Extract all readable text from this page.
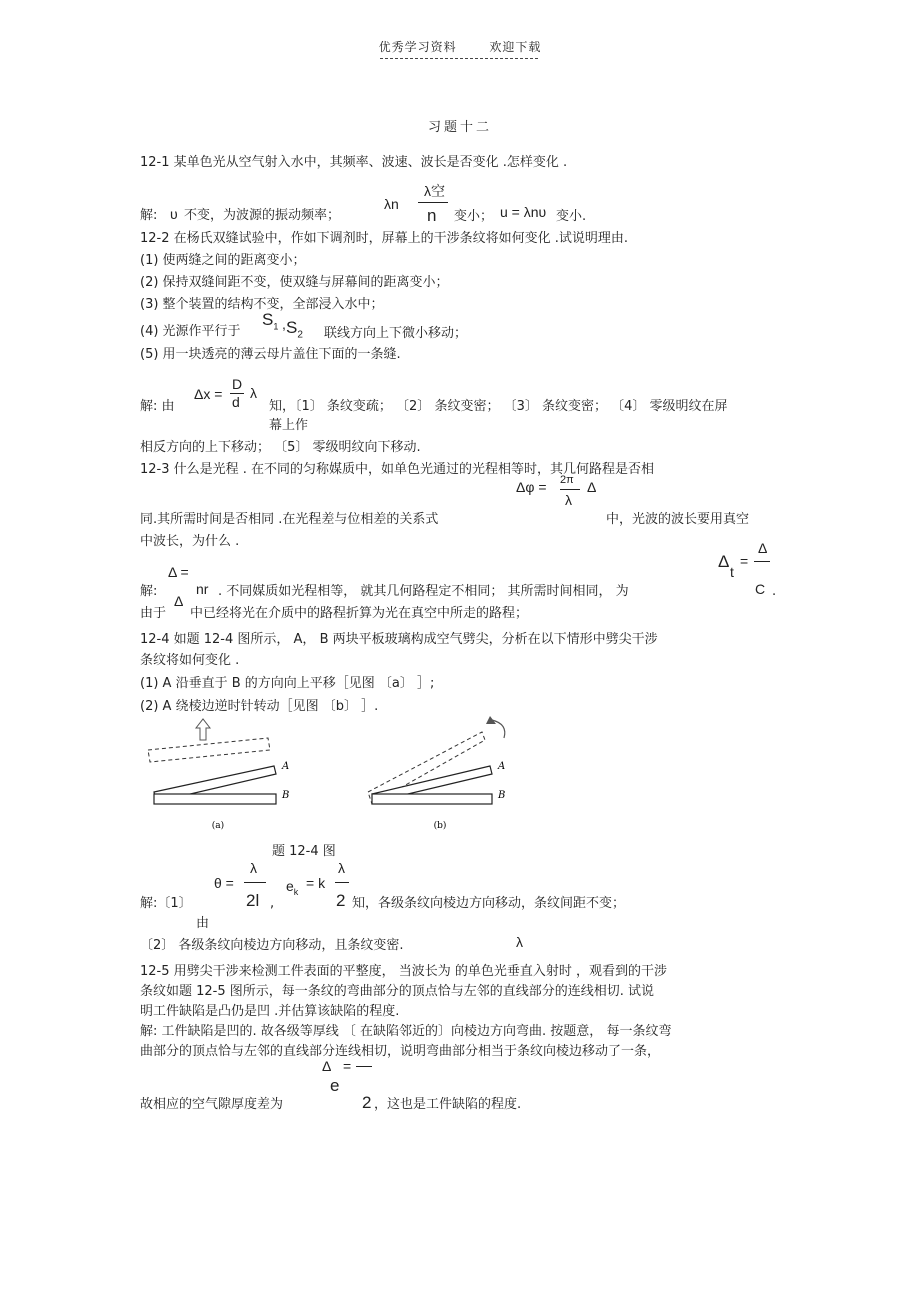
优秀学习资料	欢迎下载
习题十二
12-1 某单色光从空气射入水中，其频率、波速、波长是否变化 .怎样变化 .
解: υ 不变，为波源的振动频率；
λn
λ空
n 变小； u = λnυ 变小.
12-2 在杨氏双缝试验中，作如下调剂时，屏幕上的干涉条纹将如何变化 .试说明理由.
(1) 使两缝之间的距离变小；
(2) 保持双缝间距不变，使双缝与屏幕间的距离变小；
(3) 整个装置的结构不变，全部浸入水中；
(4) 光源作平行于
$S_1$ , $S_2$ 联线方向上下微小移动；
(5) 用一块透亮的薄云母片盖住下面的一条缝.
解: 由
Δx =
D
d
λ
知，〔1〕 条纹变疏； 〔2〕 条纹变密； 〔3〕 条纹变密； 〔4〕 零级明纹在屏
幕上作
相反方向的上下移动； 〔5〕 零级明纹向下移动.
12-3 什么是光程 . 在不同的匀称媒质中，如单色光通过的光程相等时，其几何路程是否相
Δφ = 2π
λ
Δ
同.其所需时间是否相同 .在光程差与位相差的关系式	中，光波的波长要用真空
中波长，为什么 .
Δ =
Δ
t
=
Δ
解:	nr . 不同媒质如光程相等， 就其几何路程定不相同； 其所需时间相同， 为	C .
由于
Δ
中已经将光在介质中的路程折算为光在真空中所走的路程；
12-4 如题 12-4 图所示， A， B 两块平板玻璃构成空气劈尖，分析在以下情形中劈尖干涉
条纹将如何变化 .
(1) A 沿垂直于 B 的方向向上平移［见图 〔a〕 ］;
(2) A 绕棱边逆时针转动［见图 〔b〕 ］.
A
B
(a)
A
B
(b)
题 12-4 图
θ =
λ
2l ,
$e_k$
= k
λ
2
解:〔1〕
由
知，各级条纹向棱边方向移动，条纹间距不变；
〔2〕 各级条纹向棱边方向移动，且条纹变密.	λ
12-5 用劈尖干涉来检测工件表面的平整度， 当波长为 的单色光垂直入射时 ，观看到的干涉
条纹如题 12-5 图所示，每一条纹的弯曲部分的顶点恰与左邻的直线部分的连线相切. 试说
明工件缺陷是凸仍是凹 .并估算该缺陷的程度.
解: 工件缺陷是凹的. 故各级等厚线 〔 在缺陷邻近的〕向棱边方向弯曲. 按题意， 每一条纹弯
曲部分的顶点恰与左邻的直线部分连线相切，说明弯曲部分相当于条纹向棱边移动了一条，
Δ =
e
2
故相应的空气隙厚度差为	，这也是工件缺陷的程度.
